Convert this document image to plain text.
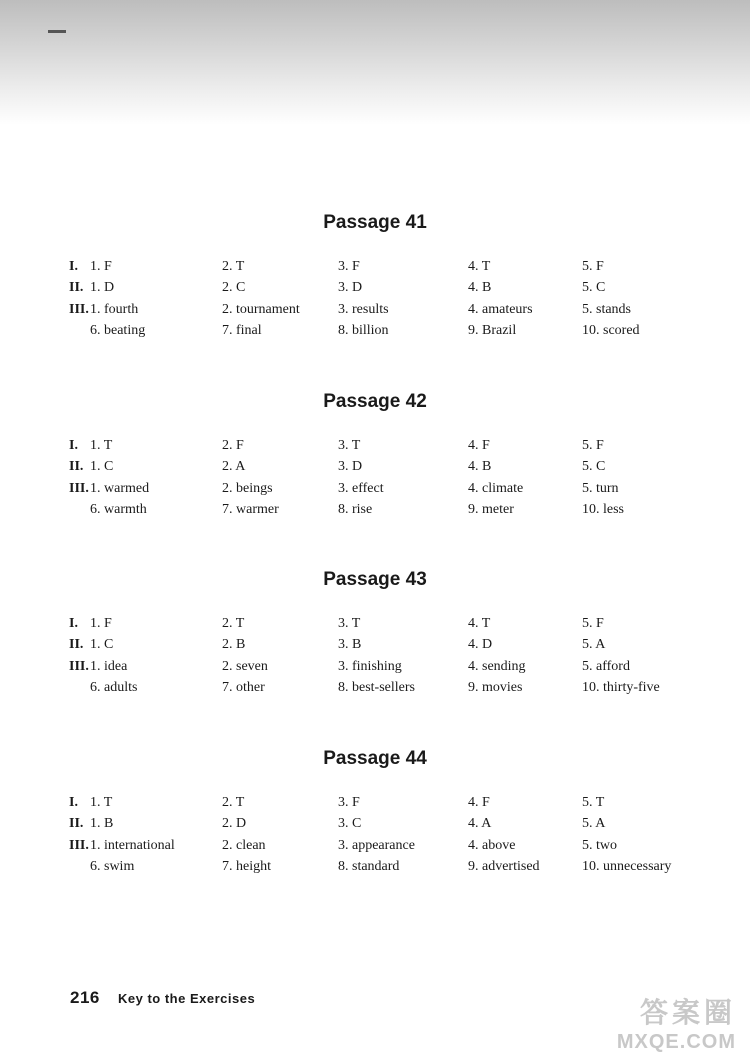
Passage 41
I. 1. F	2. T	3. F	4. T	5. F
II. 1. D	2. C	3. D	4. B	5. C
III. 1. fourth	2. tournament	3. results	4. amateurs	5. stands
6. beating	7. final	8. billion	9. Brazil	10. scored
Passage 42
I. 1. T	2. F	3. T	4. F	5. F
II. 1. C	2. A	3. D	4. B	5. C
III. 1. warmed	2. beings	3. effect	4. climate	5. turn
6. warmth	7. warmer	8. rise	9. meter	10. less
Passage 43
I. 1. F	2. T	3. T	4. T	5. F
II. 1. C	2. B	3. B	4. D	5. A
III. 1. idea	2. seven	3. finishing	4. sending	5. afford
6. adults	7. other	8. best-sellers	9. movies	10. thirty-five
Passage 44
I. 1. T	2. T	3. F	4. F	5. T
II. 1. B	2. D	3. C	4. A	5. A
III. 1. international	2. clean	3. appearance	4. above	5. two
6. swim	7. height	8. standard	9. advertised	10. unnecessary
216 Key to the Exercises	答案圈
MXQE.COM
